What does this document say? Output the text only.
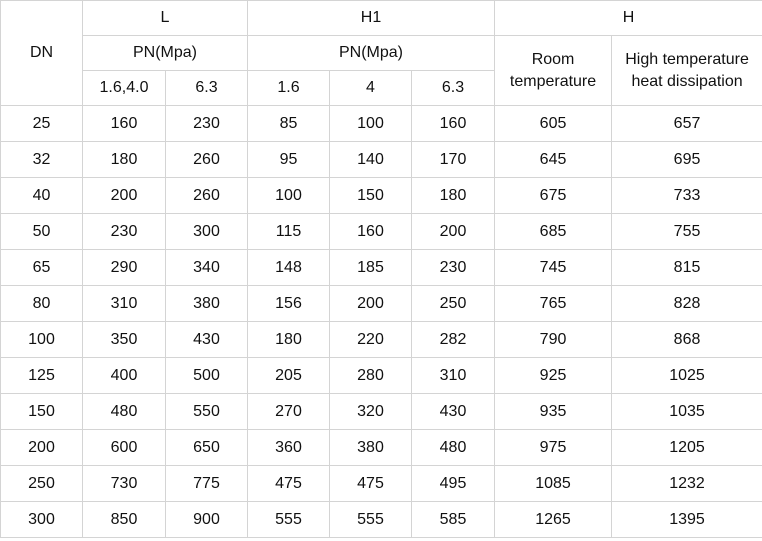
DN	L		H1			H	
	PN(Mpa)		PN(Mpa)			Room temperature	High temperature heat dissipation
	1.6,4.0	6.3	1.6	4	6.3		
25	160	230	85	100	160	605	657
32	180	260	95	140	170	645	695
40	200	260	100	150	180	675	733
50	230	300	115	160	200	685	755
65	290	340	148	185	230	745	815
80	310	380	156	200	250	765	828
100	350	430	180	220	282	790	868
125	400	500	205	280	310	925	1025
150	480	550	270	320	430	935	1035
200	600	650	360	380	480	975	1205
250	730	775	475	475	495	1085	1232
300	850	900	555	555	585	1265	1395
